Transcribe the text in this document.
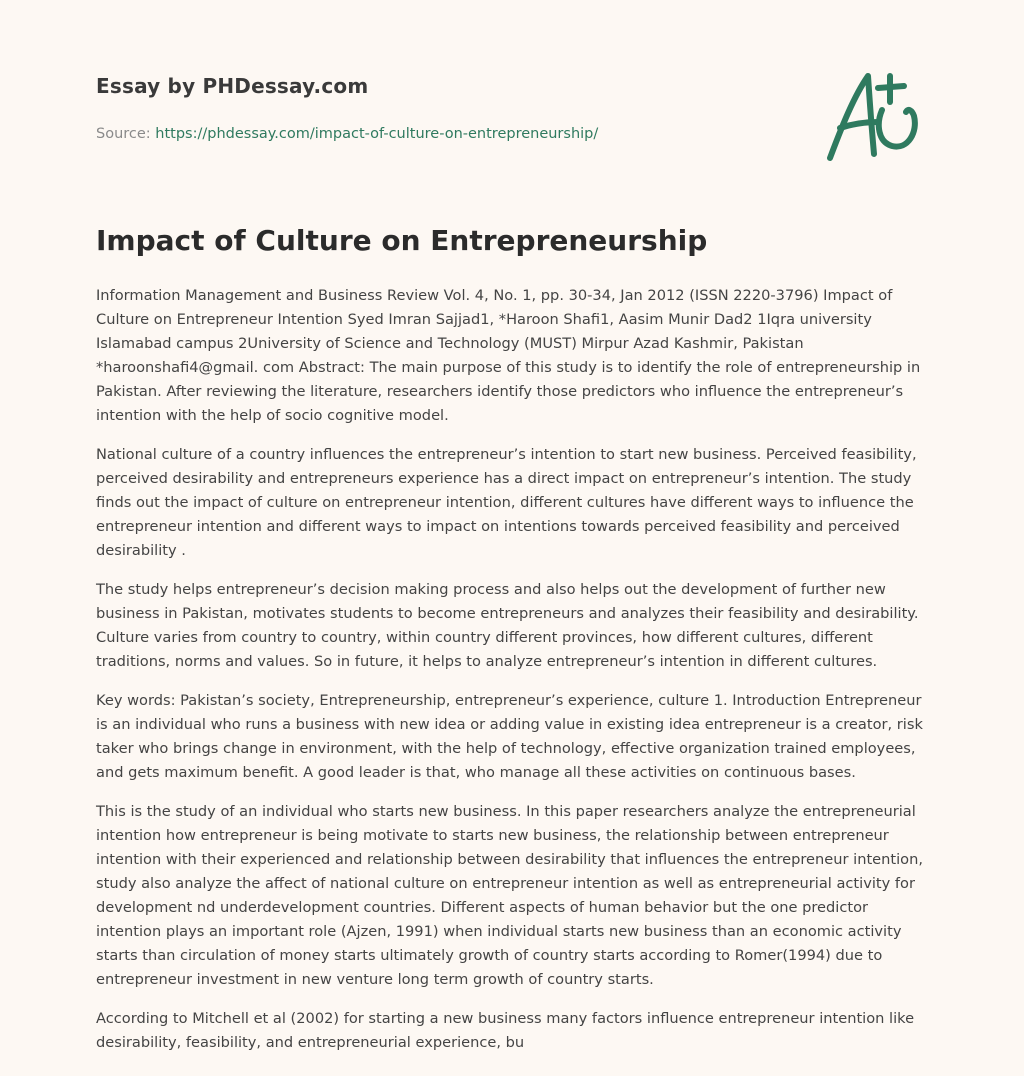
Essay by PHDessay.com

Source: https://phdessay.com/impact-of-culture-on-entrepreneurship/
Impact of Culture on Entrepreneurship

Information Management and Business Review Vol. 4, No. 1, pp. 30-34, Jan 2012 (ISSN 2220-3796) Impact of Culture on Entrepreneur Intention Syed Imran Sajjad1, *Haroon Shafi1, Aasim Munir Dad2 1Iqra university Islamabad campus 2University of Science and Technology (MUST) Mirpur Azad Kashmir, Pakistan *haroonshafi4@gmail. com Abstract: The main purpose of this study is to identify the role of entrepreneurship in Pakistan. After reviewing the literature, researchers identify those predictors who influence the entrepreneur’s intention with the help of socio cognitive model.

National culture of a country influences the entrepreneur’s intention to start new business. Perceived feasibility, perceived desirability and entrepreneurs experience has a direct impact on entrepreneur’s intention. The study finds out the impact of culture on entrepreneur intention, different cultures have different ways to influence the entrepreneur intention and different ways to impact on intentions towards perceived feasibility and perceived desirability .

The study helps entrepreneur’s decision making process and also helps out the development of further new business in Pakistan, motivates students to become entrepreneurs and analyzes their feasibility and desirability. Culture varies from country to country, within country different provinces, how different cultures, different traditions, norms and values. So in future, it helps to analyze entrepreneur’s intention in different cultures.

Key words: Pakistan’s society, Entrepreneurship, entrepreneur’s experience, culture 1. Introduction Entrepreneur is an individual who runs a business with new idea or adding value in existing idea entrepreneur is a creator, risk taker who brings change in environment, with the help of technology, effective organization trained employees, and gets maximum benefit. A good leader is that, who manage all these activities on continuous bases.

This is the study of an individual who starts new business. In this paper researchers analyze the entrepreneurial intention how entrepreneur is being motivate to starts new business, the relationship between entrepreneur intention with their experienced and relationship between desirability that influences the entrepreneur intention, study also analyze the affect of national culture on entrepreneur intention as well as entrepreneurial activity for development nd underdevelopment countries. Different aspects of human behavior but the one predictor intention plays an important role (Ajzen, 1991) when individual starts new business than an economic activity starts than circulation of money starts ultimately growth of country starts according to Romer(1994) due to entrepreneur investment in new venture long term growth of country starts.

According to Mitchell et al (2002) for starting a new business many factors influence entrepreneur intention like desirability, feasibility, and entrepreneurial experience, bu
